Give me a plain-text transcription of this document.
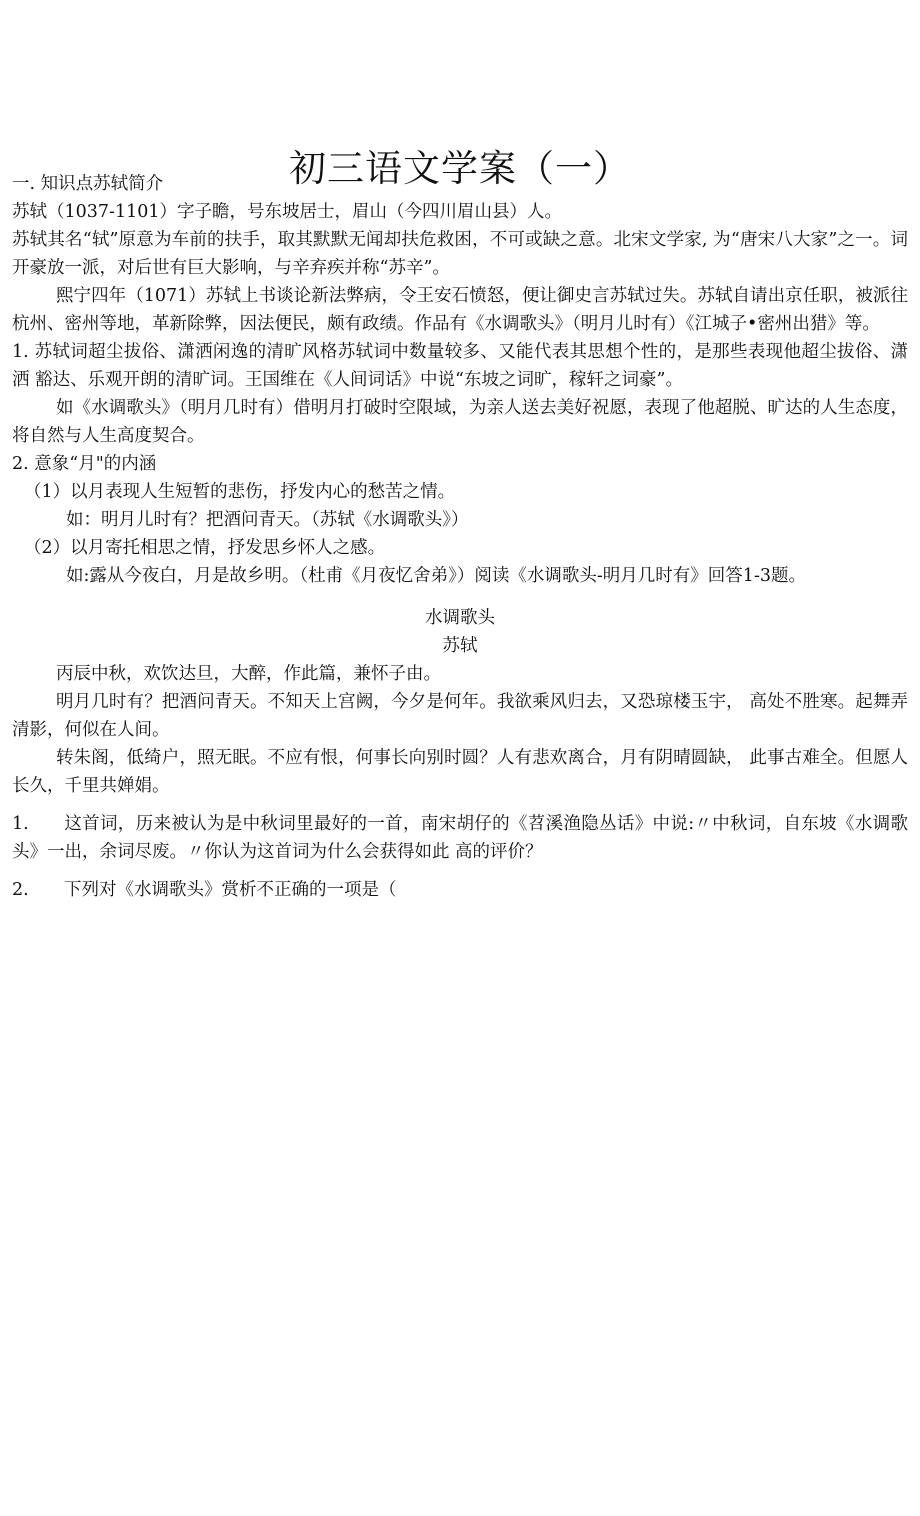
初三语文学案（一）

一. 知识点苏轼简介

苏轼（1037-1101）字子瞻，号东坡居士，眉山（今四川眉山县）人。

苏轼其名“轼”原意为车前的扶手，取其默默无闻却扶危救困，不可或缺之意。北宋文学家, 为“唐宋八大家”之一。词开豪放一派，对后世有巨大影响，与辛弃疾并称“苏辛”。

熙宁四年（1071）苏轼上书谈论新法弊病，令王安石愤怒，便让御史言苏轼过失。苏轼自请出京任职，被派往杭州、密州等地，革新除弊，因法便民，颇有政绩。作品有《水调歌头》（明月儿时有）《江城子•密州出猎》等。

1. 苏轼词超尘拔俗、潇洒闲逸的清旷风格苏轼词中数量较多、又能代表其思想个性的，是那些表现他超尘拔俗、潇洒 豁达、乐观开朗的清旷词。王国维在《人间词话》中说“东坡之词旷，稼轩之词豪”。

如《水调歌头》（明月几时有）借明月打破时空限域，为亲人送去美好祝愿，表现了他超脱、旷达的人生态度，将自然与人生高度契合。

2. 意象“月"的内涵

（1）以月表现人生短暂的悲伤，抒发内心的愁苦之情。

如：明月儿时有？把酒问青天。（苏轼《水调歌头》）

（2）以月寄托相思之情，抒发思乡怀人之感。

如:露从今夜白，月是故乡明。（杜甫《月夜忆舍弟》）阅读《水调歌头-明月几时有》回答1-3题。

水调歌头

苏轼

丙辰中秋，欢饮达旦，大醉，作此篇，兼怀子由。

明月几时有？把酒问青天。不知天上宫阙，今夕是何年。我欲乘风归去，又恐琼楼玉宇， 高处不胜寒。起舞弄清影，何似在人间。

转朱阁，低绮户，照无眠。不应有恨，何事长向别时圆？人有悲欢离合，月有阴晴圆缺， 此事古难全。但愿人长久，千里共婵娟。

1. 这首词，历来被认为是中秋词里最好的一首，南宋胡仔的《苕溪渔隐丛话》中说:〃中秋词，自东坡《水调歌头》一出，余词尽废。〃你认为这首词为什么会获得如此 高的评价？

2. 下列对《水调歌头》赏析不正确的一项是（
